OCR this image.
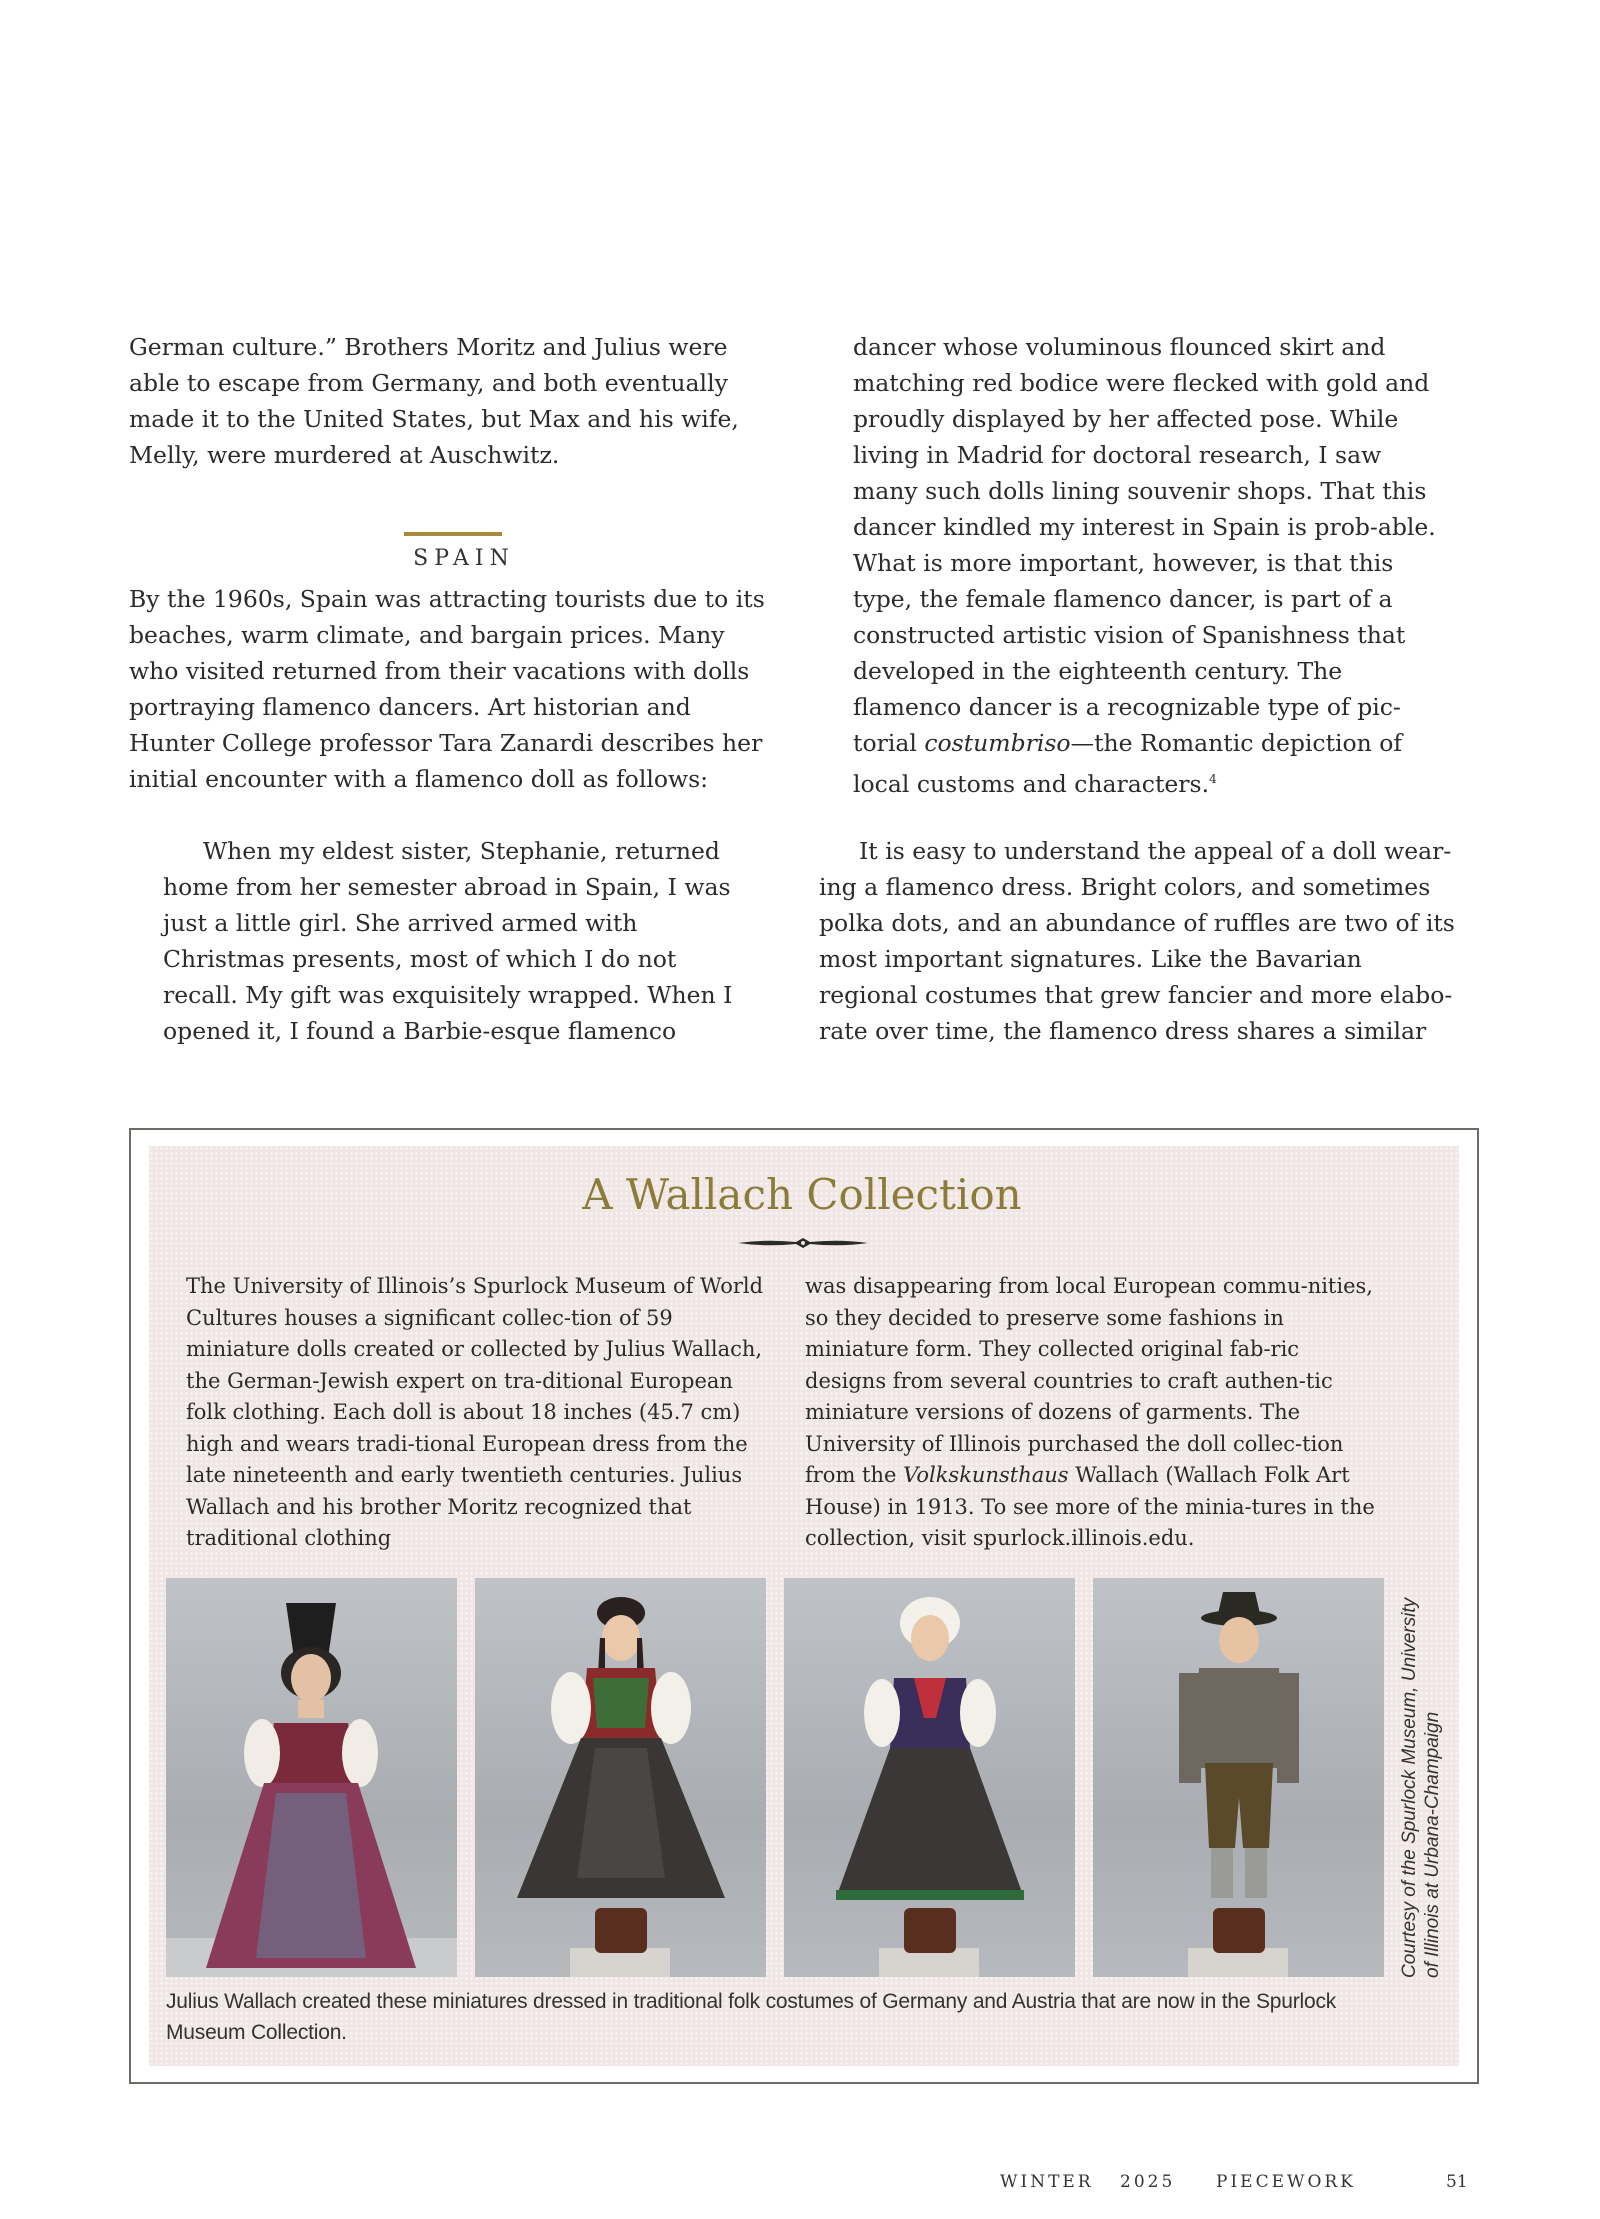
German culture.” Brothers Moritz and Julius were able to escape from Germany, and both eventually made it to the United States, but Max and his wife, Melly, were murdered at Auschwitz.

SPAIN

By the 1960s, Spain was attracting tourists due to its beaches, warm climate, and bargain prices. Many who visited returned from their vacations with dolls portraying flamenco dancers. Art historian and Hunter College professor Tara Zanardi describes her initial encounter with a flamenco doll as follows:

When my eldest sister, Stephanie, returned home from her semester abroad in Spain, I was just a little girl. She arrived armed with Christmas presents, most of which I do not recall. My gift was exquisitely wrapped. When I opened it, I found a Barbie-esque flamenco

dancer whose voluminous flounced skirt and matching red bodice were flecked with gold and proudly displayed by her affected pose. While living in Madrid for doctoral research, I saw many such dolls lining souvenir shops. That this dancer kindled my interest in Spain is prob-able. What is more important, however, is that this type, the female flamenco dancer, is part of a constructed artistic vision of Spanishness that developed in the eighteenth century. The flamenco dancer is a recognizable type of pic-torial costumbriso—the Romantic depiction of local customs and characters.$^4$

It is easy to understand the appeal of a doll wear-ing a flamenco dress. Bright colors, and sometimes polka dots, and an abundance of ruffles are two of its most important signatures. Like the Bavarian regional costumes that grew fancier and more elabo-rate over time, the flamenco dress shares a similar

A Wallach Collection

The University of Illinois’s Spurlock Museum of World Cultures houses a significant collec-tion of 59 miniature dolls created or collected by Julius Wallach, the German-Jewish expert on tra-ditional European folk clothing. Each doll is about 18 inches (45.7 cm) high and wears tradi-tional European dress from the late nineteenth and early twentieth centuries. Julius Wallach and his brother Moritz recognized that traditional clothing

was disappearing from local European commu-nities, so they decided to preserve some fashions in miniature form. They collected original fab-ric designs from several countries to craft authen-tic miniature versions of dozens of garments. The University of Illinois purchased the doll collec-tion from the Volkskunsthaus Wallach (Wallach Folk Art House) in 1913. To see more of the minia-tures in the collection, visit spurlock.illinois.edu.

Julius Wallach created these miniatures dressed in traditional folk costumes of Germany and Austria that are now in the Spurlock Museum Collection.
Courtesy of the Spurlock Museum, University of Illinois at Urbana-Champaign
WINTER 2025 PIECEWORK	51
